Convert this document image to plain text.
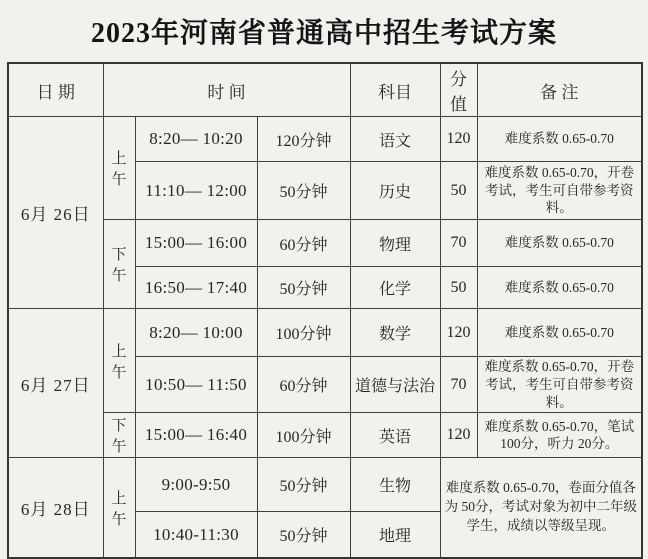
2023年河南省普通高中招生考试方案
日 期	时 间			科目	分值	备 注
6月 26日	上午	8:20— 10:20	120分钟	语文	120	难度系数 0.65-0.70
		11:10— 12:00	50分钟	历史	50	难度系数 0.65-0.70，开卷考试，考生可自带参考资料。
	下午	15:00— 16:00	60分钟	物理	70	难度系数 0.65-0.70
		16:50— 17:40	50分钟	化学	50	难度系数 0.65-0.70
6月 27日	上午	8:20— 10:00	100分钟	数学	120	难度系数 0.65-0.70
		10:50— 11:50	60分钟	道德与法治	70	难度系数 0.65-0.70，开卷考试，考生可自带参考资料。
	下午	15:00— 16:40	100分钟	英语	120	难度系数 0.65-0.70，笔试 100分，听力 20分。
6月 28日	上午	9:00-9:50	50分钟	生物	难度系数 0.65-0.70，卷面分值各为 50分，考试对象为初中二年级学生，成绩以等级呈现。	
		10:40-11:30	50分钟	地理		
